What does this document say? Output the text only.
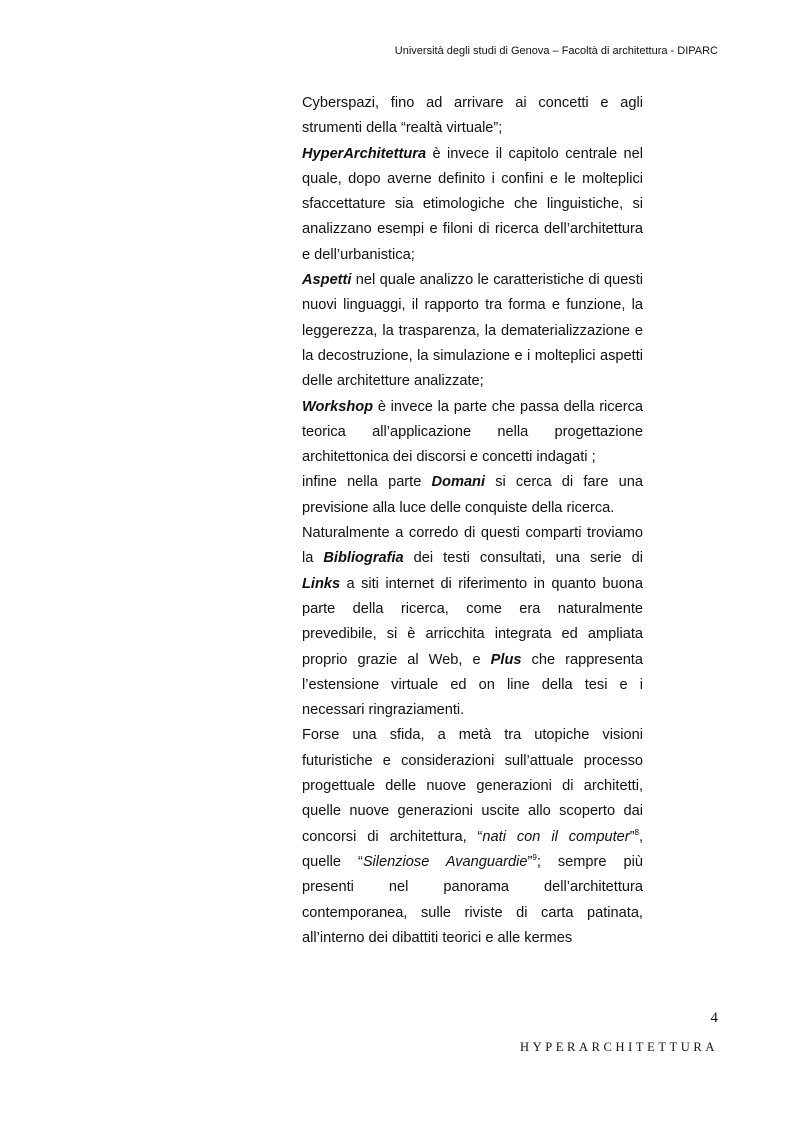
Università degli studi di Genova – Facoltà di architettura - DIPARC

Cyberspazi, fino ad arrivare ai concetti e agli strumenti della “realtà virtuale”;

HyperArchitettura è invece il capitolo centrale nel quale, dopo averne definito i confini e le molteplici sfaccettature sia etimologiche che linguistiche, si analizzano esempi e filoni di ricerca dell’architettura e dell’urbanistica;

Aspetti nel quale analizzo le caratteristiche di questi nuovi linguaggi, il rapporto tra forma e funzione, la leggerezza, la trasparenza, la dematerializzazione e la decostruzione, la simulazione e i molteplici aspetti delle architetture analizzate;

Workshop è invece la parte che passa della ricerca teorica all’applicazione nella progettazione architettonica dei discorsi e concetti indagati ;

infine nella parte Domani si cerca di fare una previsione alla luce delle conquiste della ricerca.

Naturalmente a corredo di questi comparti troviamo la Bibliografia dei testi consultati, una serie di Links a siti internet di riferimento in quanto buona parte della ricerca, come era naturalmente prevedibile, si è arricchita integrata ed ampliata proprio grazie al Web, e Plus che rappresenta l’estensione virtuale ed on line della tesi e i necessari ringraziamenti.

Forse una sfida, a metà tra utopiche visioni futuristiche e considerazioni sull’attuale processo progettuale delle nuove generazioni di architetti, quelle nuove generazioni uscite allo scoperto dai concorsi di architettura, “nati con il computer”$^8$, quelle “Silenziose Avanguardie”$^9$; sempre più presenti nel panorama dell’architettura contemporanea, sulle riviste di carta patinata, all’interno dei dibattiti teorici e alle kermes

4
HYPERARCHITETTURA
